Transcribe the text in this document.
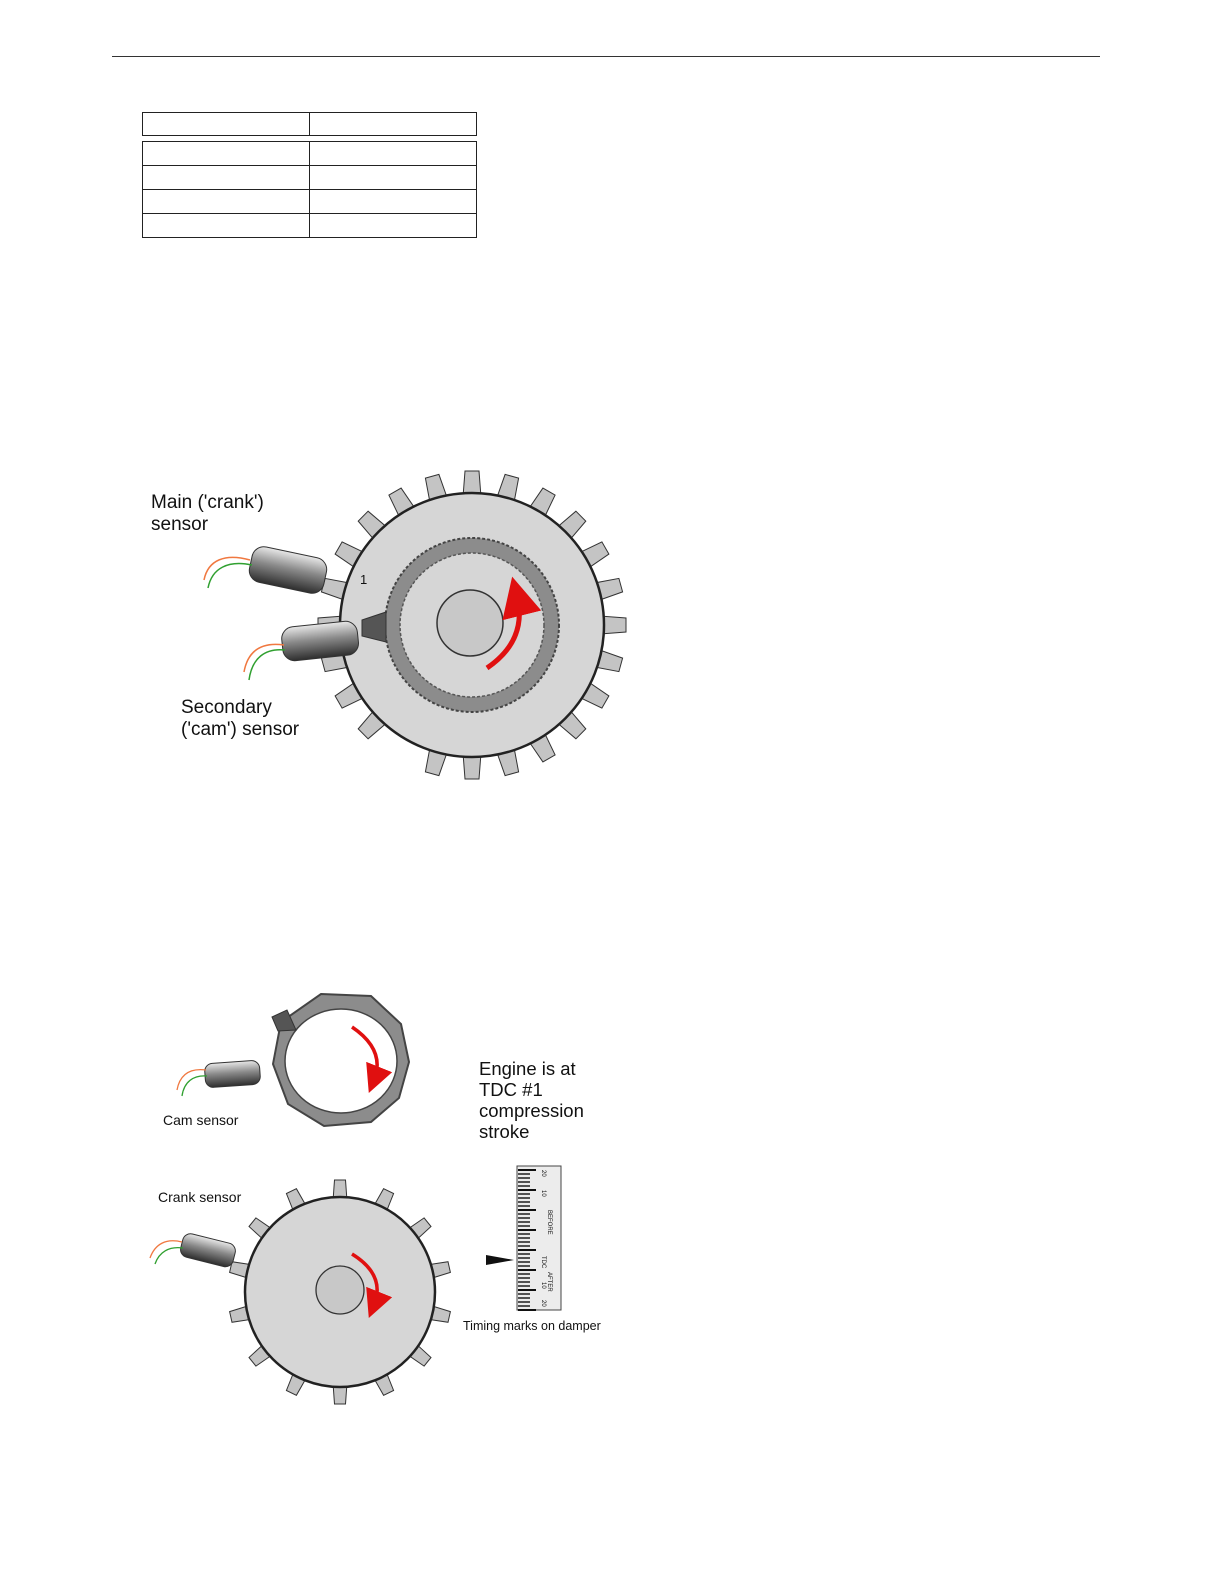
1
Main ('crank') sensor
Secondary ('cam') sensor
Cam sensor
Engine is at TDC #1 compression stroke
Crank sensor
20
10
BEFORE
TDC
AFTER
10
20
Timing marks on damper
